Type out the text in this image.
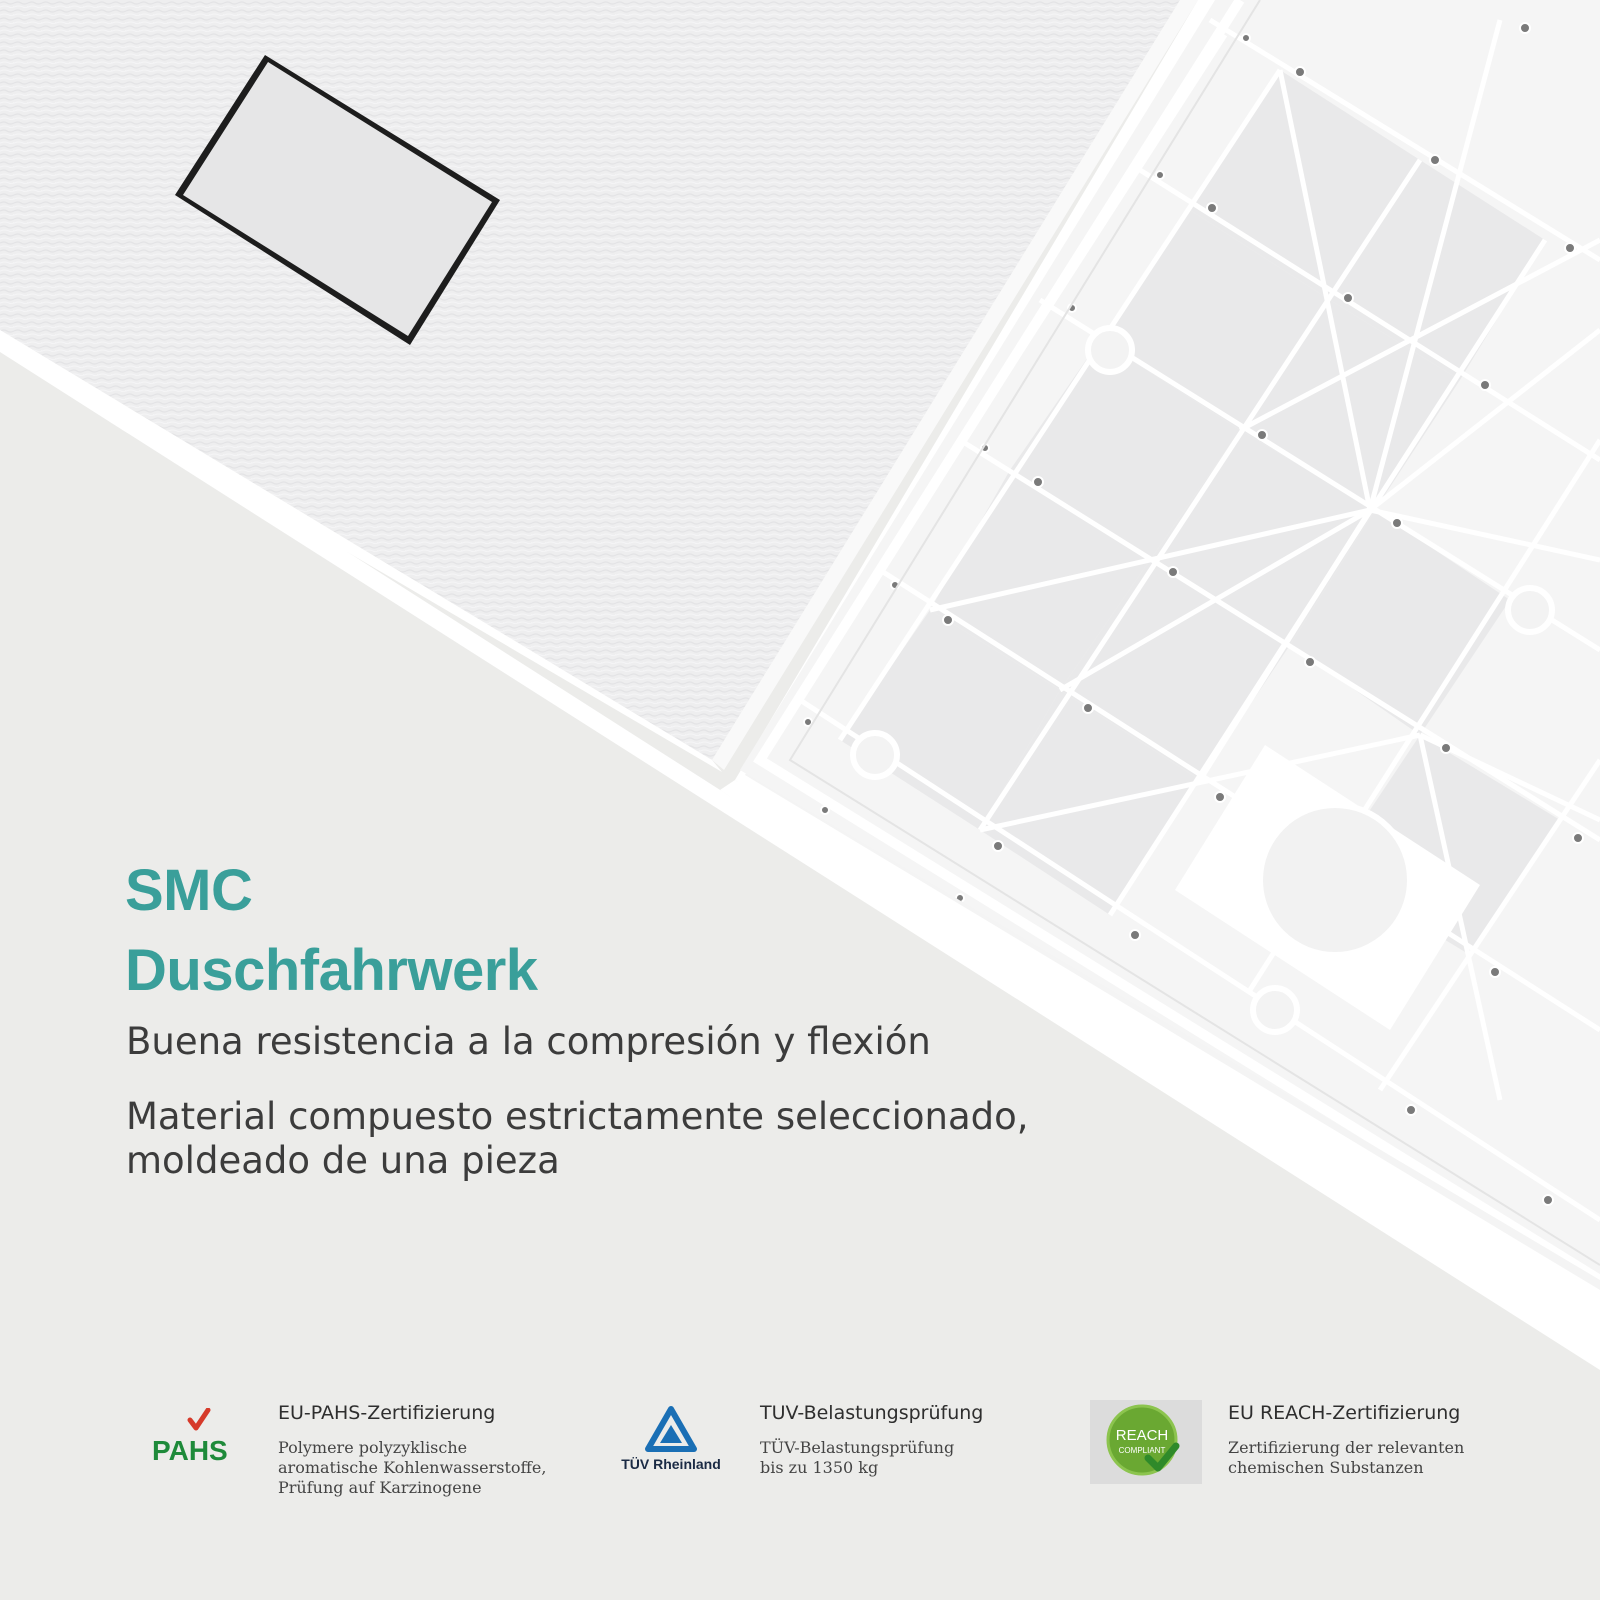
SMC
Duschfahrwerk

Buena resistencia a la compresión y flexión

Material compuesto estrictamente seleccionado,
moldeado de una pieza

PAHS

EU-PAHS-Zertifizierung

Polymere polyzyklische
aromatische Kohlenwasserstoffe,
Prüfung auf Karzinogene

TÜV Rheinland

TUV-Belastungsprüfung

TÜV-Belastungsprüfung
bis zu 1350 kg

REACH
COMPLIANT

EU REACH-Zertifizierung

Zertifizierung der relevanten
chemischen Substanzen
